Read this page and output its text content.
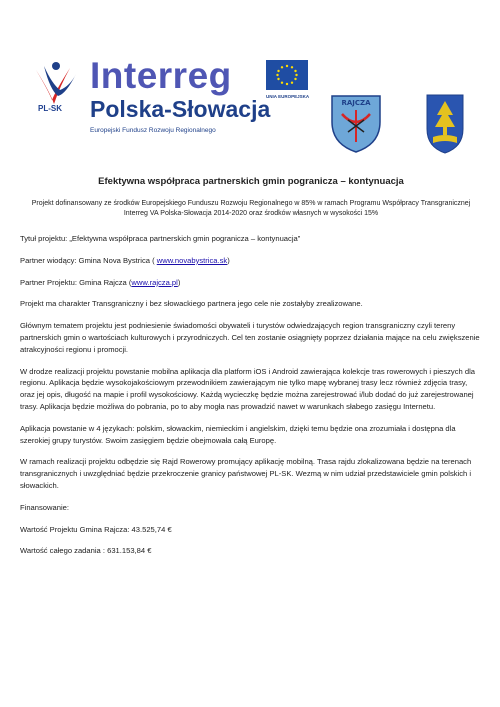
PL-SK
Interreg
Polska-Słowacja
Europejski Fundusz Rozwoju Regionalnego
UNIA EUROPEJSKA
RAJCZA
Efektywna współpraca partnerskich gmin pogranicza – kontynuacja
Projekt dofinansowany ze środków Europejskiego Funduszu Rozwoju Regionalnego w 85% w ramach Programu Współpracy Transgranicznej Interreg VA Polska-Słowacja 2014-2020 oraz środków własnych w wysokości 15%

Tytuł projektu: „Efektywna współpraca partnerskich gmin pogranicza – kontynuacja”

Partner wiodący: Gmina Nova Bystrica ( www.novabystrica.sk)

Partner Projektu: Gmina Rajcza (www.rajcza.pl)

Projekt ma charakter Transgraniczny i bez słowackiego partnera jego cele nie zostałyby zrealizowane.

Głównym tematem projektu jest podniesienie świadomości obywateli i turystów odwiedzających region transgraniczny czyli tereny partnerskich gmin o wartościach kulturowych i przyrodniczych. Cel ten zostanie osiągnięty poprzez działania mające na celu zwiększenie atrakcyjności regionu i promocji.

W drodze realizacji projektu powstanie mobilna aplikacja dla platform iOS i Android zawierająca kolekcje tras rowerowych i pieszych dla regionu. Aplikacja będzie wysokojakościowym przewodnikiem zawierającym nie tylko mapę wybranej trasy lecz również zdjęcia trasy, oraz jej opis, długość na mapie i profil wysokościowy. Każdą wycieczkę będzie można zarejestrować i/lub dodać do już zarejestrowanej trasy. Aplikacja będzie możliwa do pobrania, po to aby mogła nas prowadzić nawet w warunkach słabego zasięgu Internetu.

Aplikacja powstanie w 4 językach: polskim, słowackim, niemieckim i angielskim, dzięki temu będzie ona zrozumiała i dostępna dla szerokiej grupy turystów. Swoim zasięgiem będzie obejmowała całą Europę.

W ramach realizacji projektu odbędzie się Rajd Rowerowy promujący aplikację mobilną. Trasa rajdu zlokalizowana będzie na terenach transgranicznych i uwzględniać będzie przekroczenie granicy państwowej PL-SK. Wezmą w nim udział przedstawiciele gmin polskich i słowackich.

Finansowanie:

Wartość Projektu Gmina Rajcza: 43.525,74 €

Wartość całego zadania : 631.153,84 €
